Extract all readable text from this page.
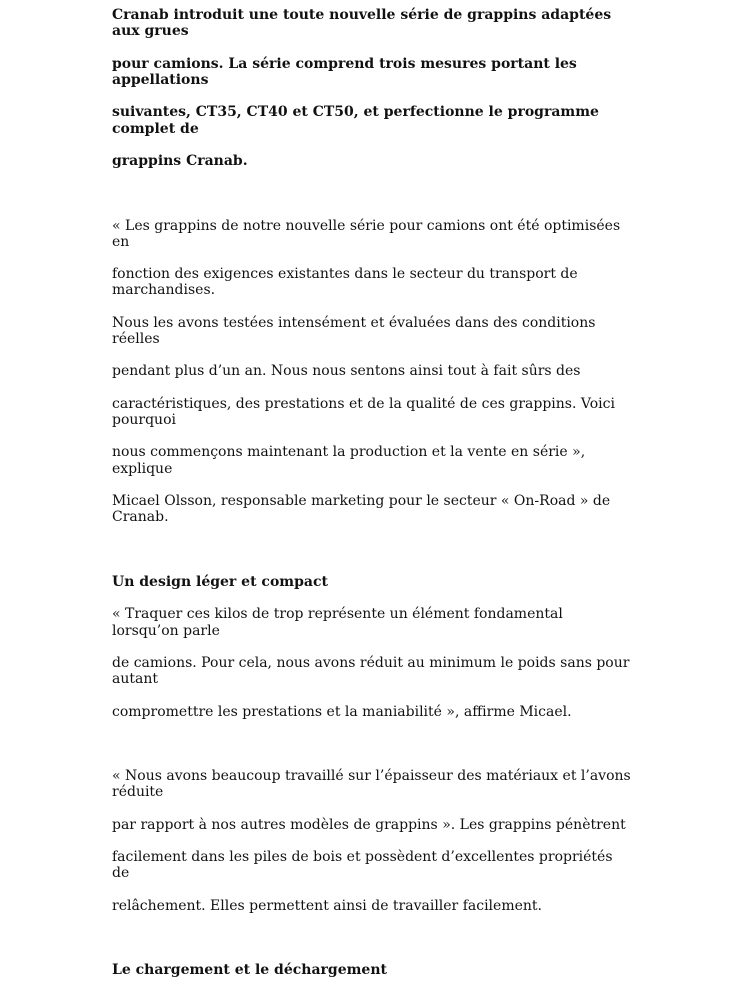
Cranab introduit une toute nouvelle série de grappins adaptées aux grues

pour camions. La série comprend trois mesures portant les appellations

suivantes, CT35, CT40 et CT50, et perfectionne le programme complet de

grappins Cranab.

« Les grappins de notre nouvelle série pour camions ont été optimisées en

fonction des exigences existantes dans le secteur du transport de marchandises.

Nous les avons testées intensément et évaluées dans des conditions réelles

pendant plus d’un an. Nous nous sentons ainsi tout à fait sûrs des

caractéristiques, des prestations et de la qualité de ces grappins. Voici pourquoi

nous commençons maintenant la production et la vente en série », explique

Micael Olsson, responsable marketing pour le secteur « On-Road » de Cranab.

Un design léger et compact

« Traquer ces kilos de trop représente un élément fondamental lorsqu’on parle

de camions. Pour cela, nous avons réduit au minimum le poids sans pour autant

compromettre les prestations et la maniabilité », affirme Micael.

« Nous avons beaucoup travaillé sur l’épaisseur des matériaux et l’avons réduite

par rapport à nos autres modèles de grappins ». Les grappins pénètrent

facilement dans les piles de bois et possèdent d’excellentes propriétés de

relâchement. Elles permettent ainsi de travailler facilement.

Le chargement et le déchargement
